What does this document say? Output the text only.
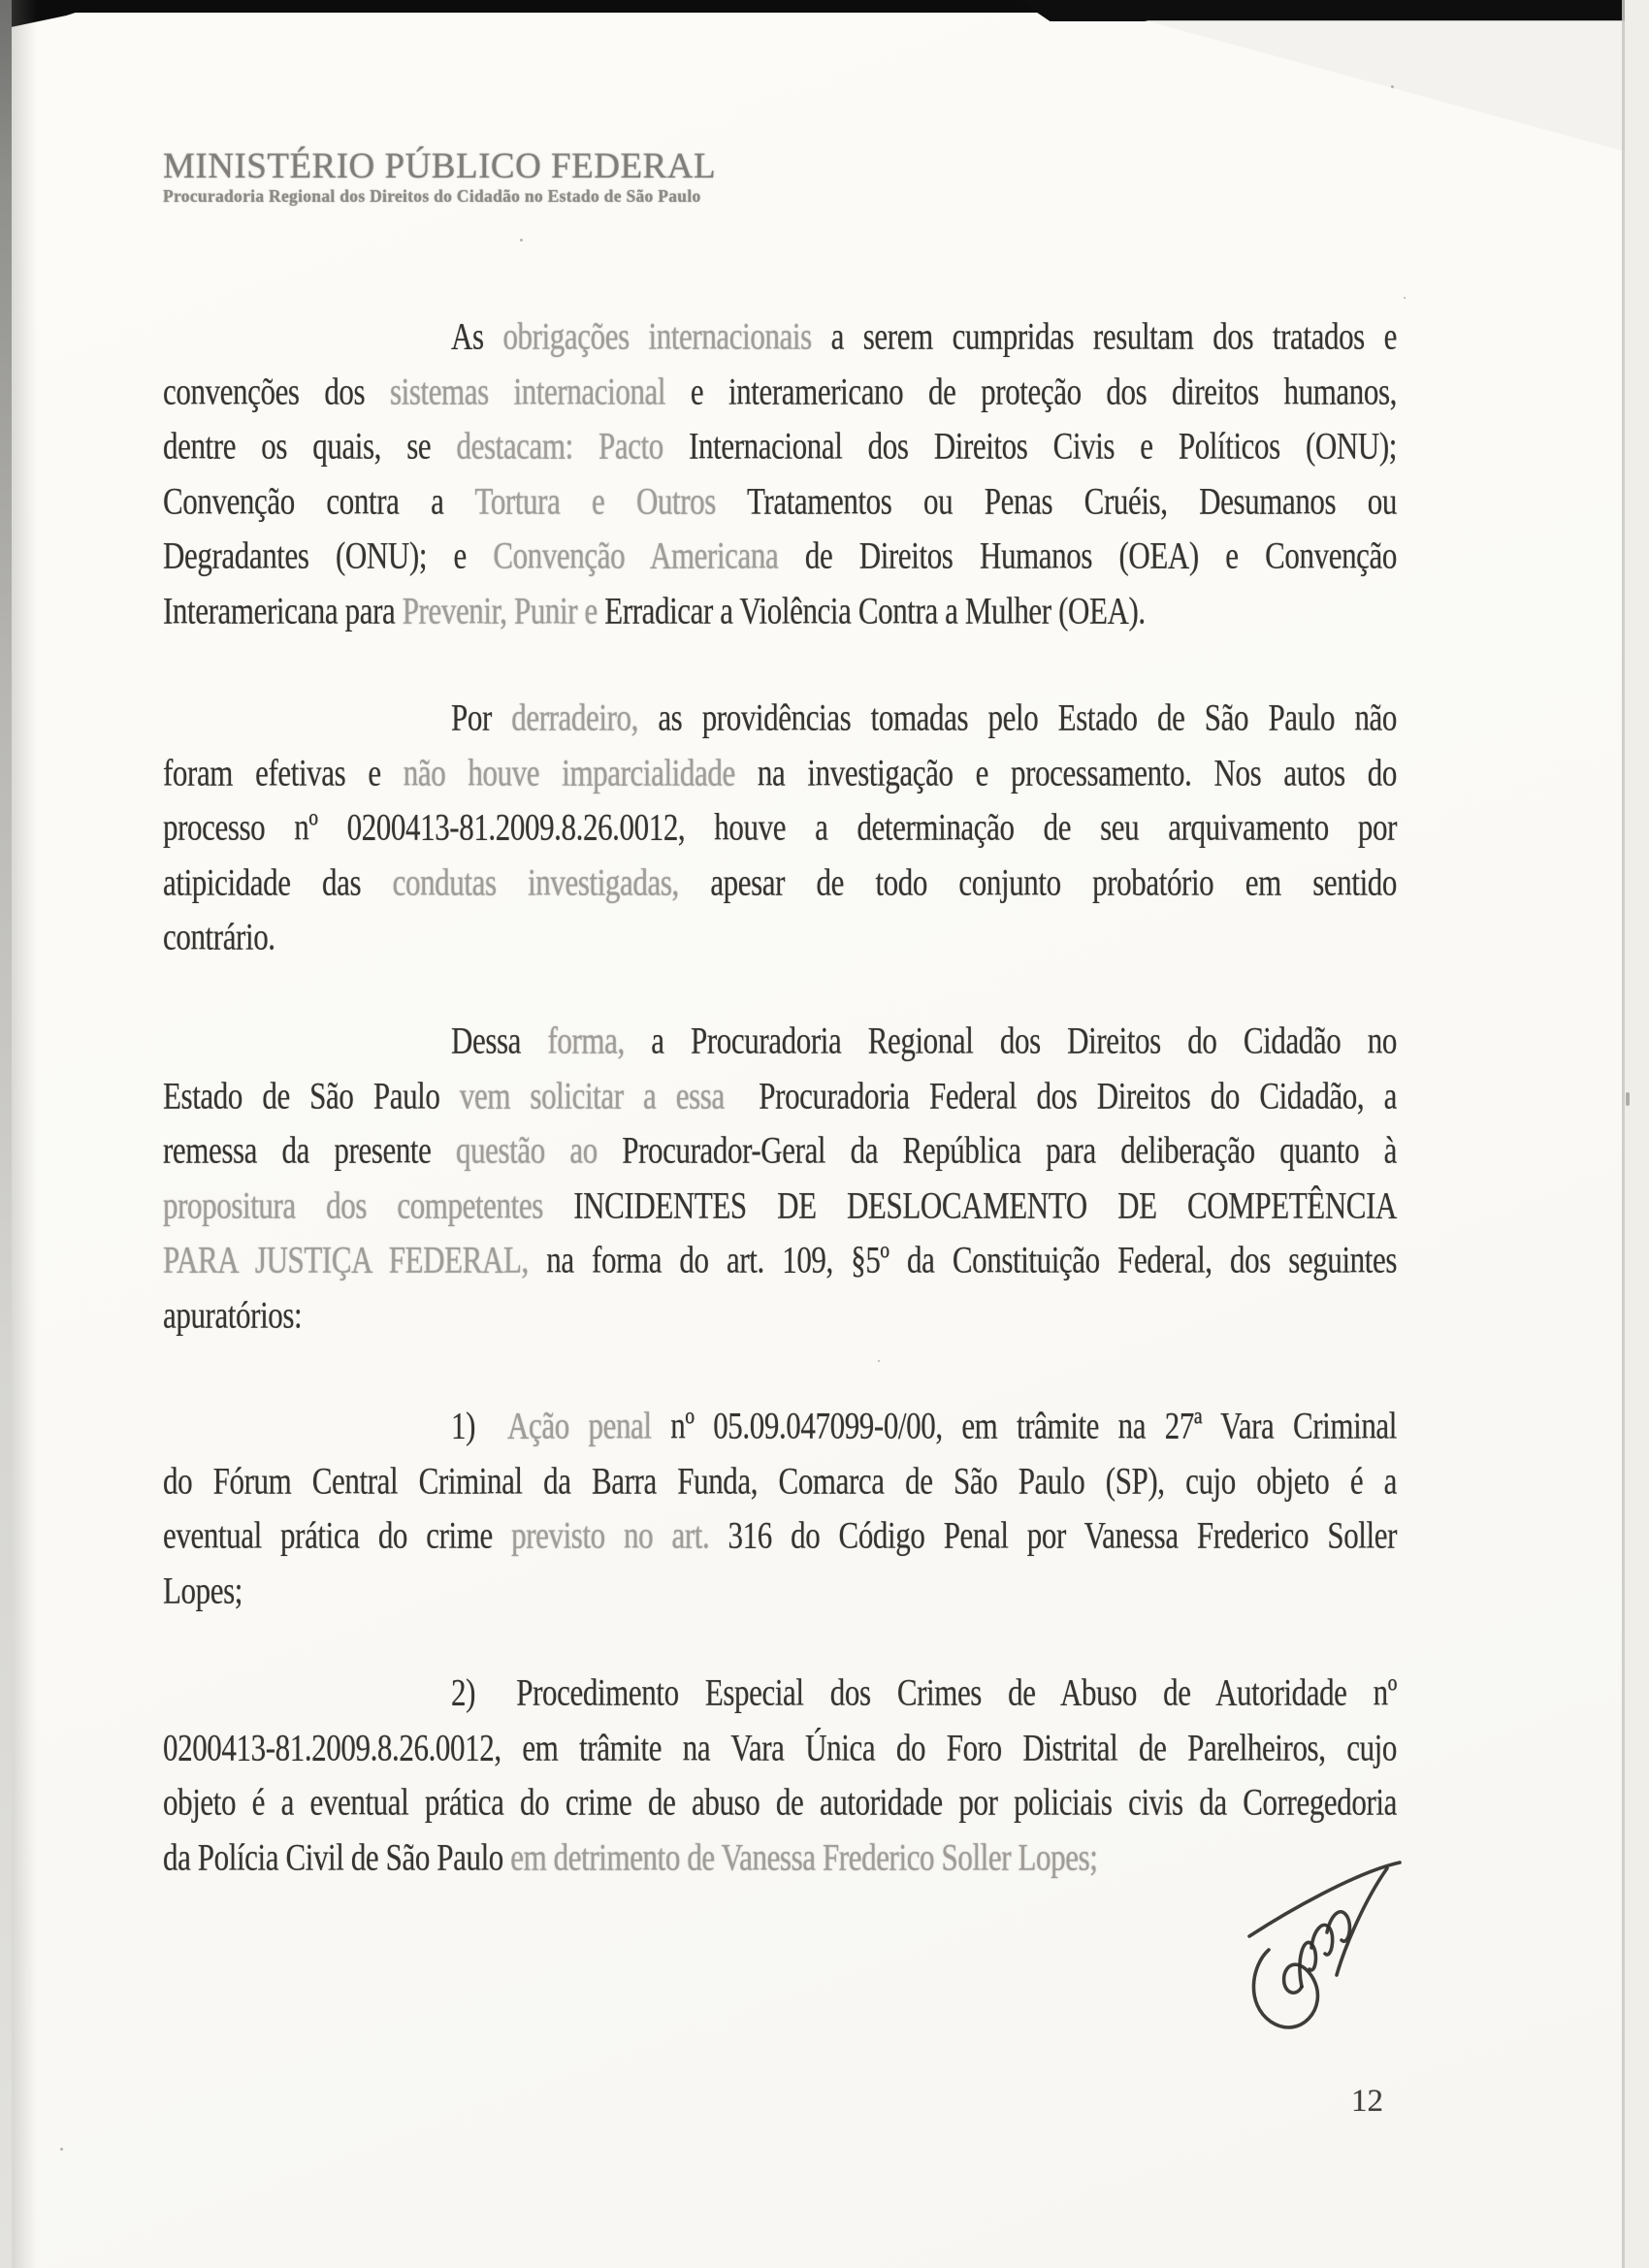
MINISTÉRIO PÚBLICO FEDERAL
Procuradoria Regional dos Direitos do Cidadão no Estado de São Paulo
As obrigações internacionais a serem cumpridas resultam dos tratados e
convenções dos sistemas internacional e interamericano de proteção dos direitos humanos,
dentre os quais, se destacam: Pacto Internacional dos Direitos Civis e Políticos (ONU);
Convenção contra a Tortura e Outros Tratamentos ou Penas Cruéis, Desumanos ou
Degradantes (ONU); e Convenção Americana de Direitos Humanos (OEA) e Convenção
Interamericana para Prevenir, Punir e Erradicar a Violência Contra a Mulher (OEA).
Por derradeiro, as providências tomadas pelo Estado de São Paulo não
foram efetivas e não houve imparcialidade na investigação e processamento. Nos autos do
processo nº 0200413-81.2009.8.26.0012, houve a determinação de seu arquivamento por
atipicidade das condutas investigadas, apesar de todo conjunto probatório em sentido
contrário.
Dessa forma, a Procuradoria Regional dos Direitos do Cidadão no
Estado de São Paulo vem solicitar a essa  Procuradoria Federal dos Direitos do Cidadão, a
remessa da presente questão ao Procurador-Geral da República para deliberação quanto à
propositura dos competentes INCIDENTES DE DESLOCAMENTO DE COMPETÊNCIA
PARA JUSTIÇA FEDERAL, na forma do art. 109, §5º da Constituição Federal, dos seguintes
apuratórios:
1)  Ação penal nº 05.09.047099-0/00, em trâmite na 27ª Vara Criminal
do Fórum Central Criminal da Barra Funda, Comarca de São Paulo (SP), cujo objeto é a
eventual prática do crime previsto no art. 316 do Código Penal por Vanessa Frederico Soller
Lopes;
2)  Procedimento Especial dos Crimes de Abuso de Autoridade nº
0200413-81.2009.8.26.0012, em trâmite na Vara Única do Foro Distrital de Parelheiros, cujo
objeto é a eventual prática do crime de abuso de autoridade por policiais civis da Corregedoria
da Polícia Civil de São Paulo em detrimento de Vanessa Frederico Soller Lopes;
12
